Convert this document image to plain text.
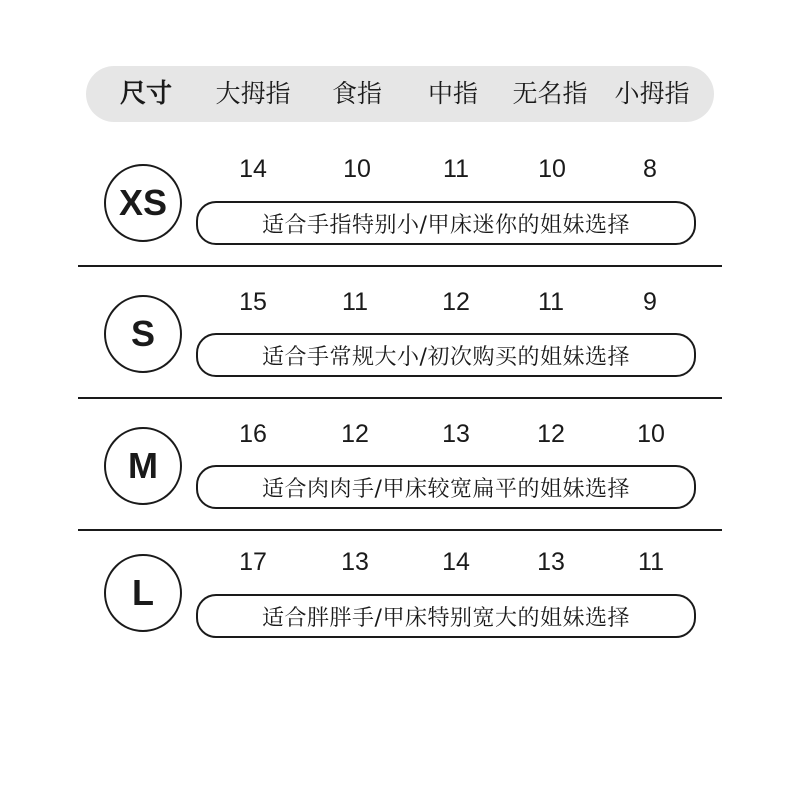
尺寸 大拇指 食指 中指 无名指 小拇指
XS
14	10	11	10	8
适合手指特别小/甲床迷你的姐妹选择
S
15	11	12	11	9
适合手常规大小/初次购买的姐妹选择
M
16	12	13	12	10
适合肉肉手/甲床较宽扁平的姐妹选择
L
17	13	14	13	11
适合胖胖手/甲床特别宽大的姐妹选择
